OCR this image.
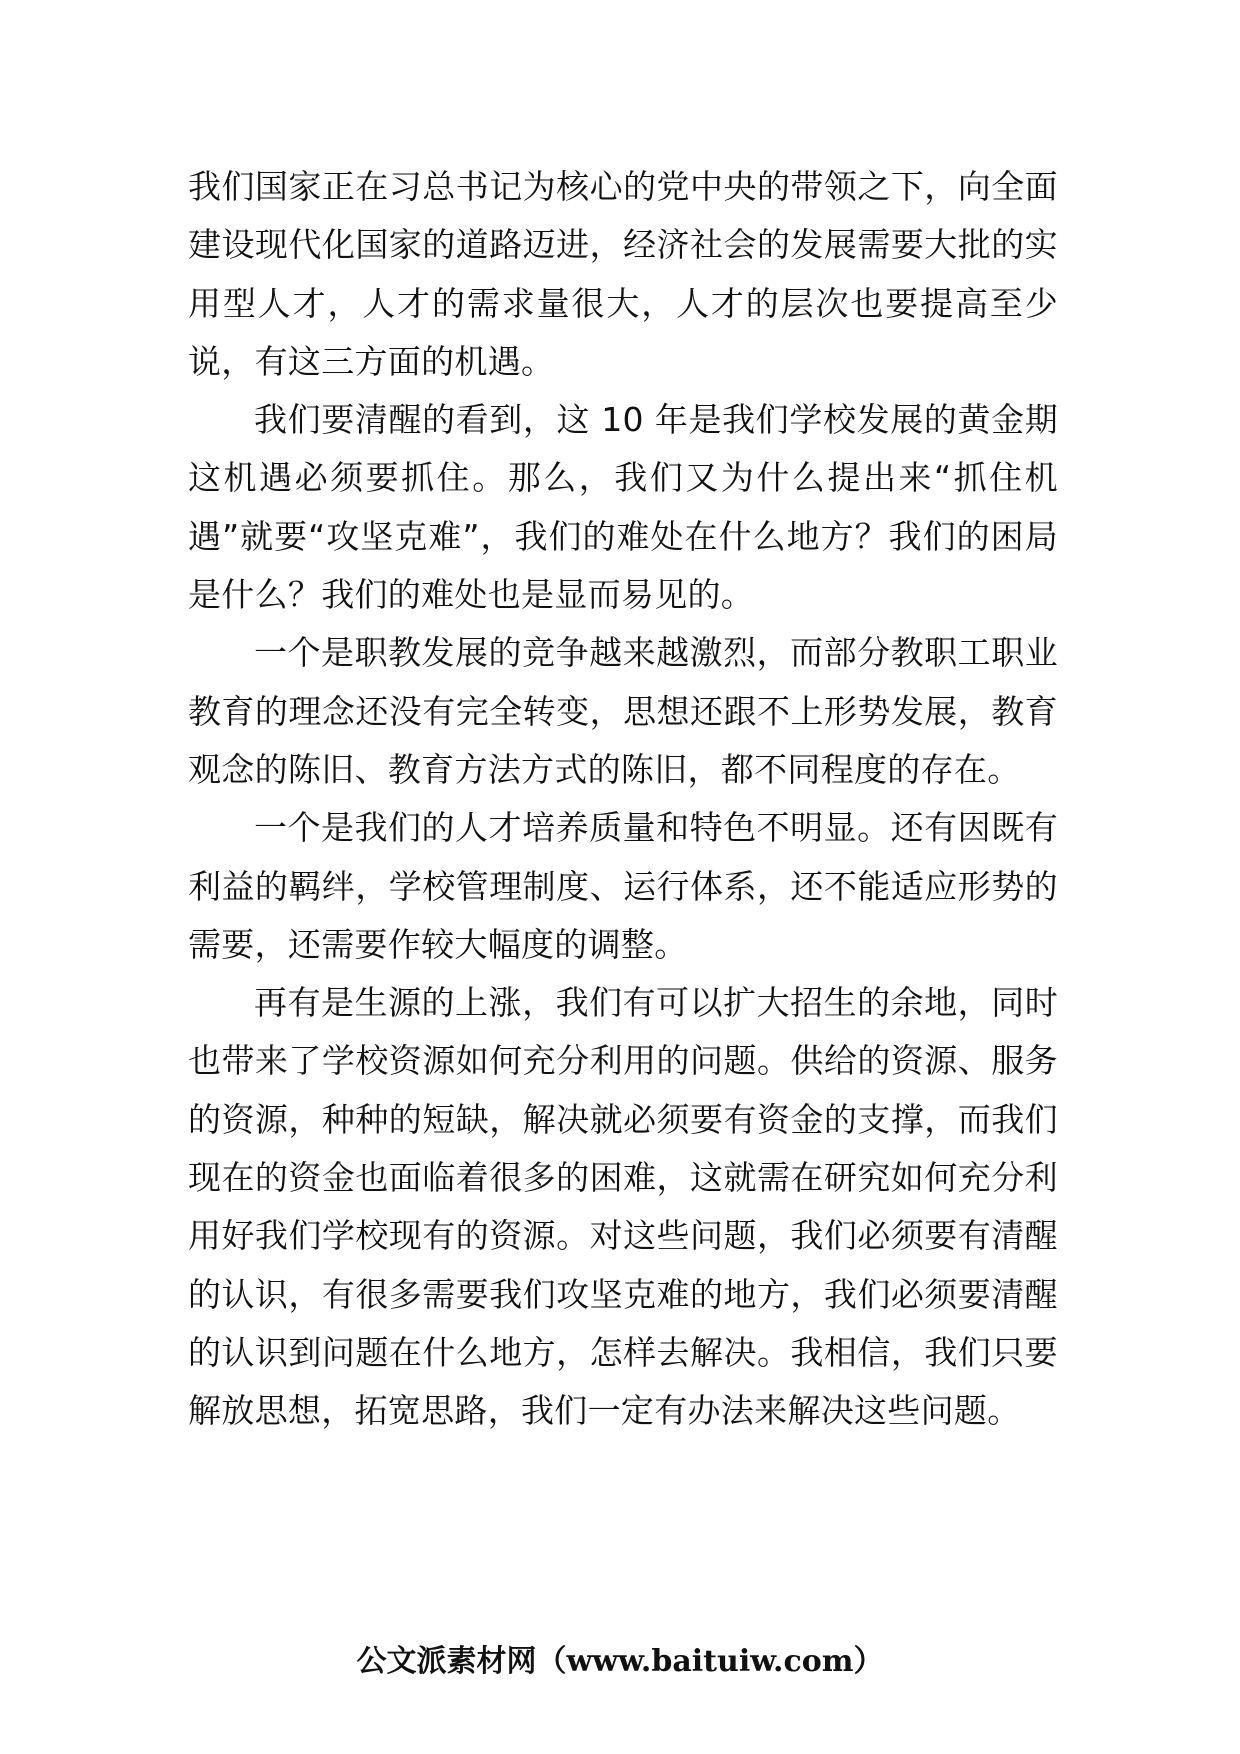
我们国家正在习总书记为核心的党中央的带领之下，向全面建设现代化国家的道路迈进，经济社会的发展需要大批的实用型人才，人才的需求量很大，人才的层次也要提高至少说，有这三方面的机遇。

我们要清醒的看到，这 10 年是我们学校发展的黄金期这机遇必须要抓住。那么，我们又为什么提出来“抓住机遇”就要“攻坚克难”，我们的难处在什么地方？我们的困局是什么？我们的难处也是显而易见的。

一个是职教发展的竞争越来越激烈，而部分教职工职业教育的理念还没有完全转变，思想还跟不上形势发展，教育观念的陈旧、教育方法方式的陈旧，都不同程度的存在。

一个是我们的人才培养质量和特色不明显。还有因既有利益的羁绊，学校管理制度、运行体系，还不能适应形势的需要，还需要作较大幅度的调整。

再有是生源的上涨，我们有可以扩大招生的余地，同时也带来了学校资源如何充分利用的问题。供给的资源、服务的资源，种种的短缺，解决就必须要有资金的支撑，而我们现在的资金也面临着很多的困难，这就需在研究如何充分利用好我们学校现有的资源。对这些问题，我们必须要有清醒的认识，有很多需要我们攻坚克难的地方，我们必须要清醒的认识到问题在什么地方，怎样去解决。我相信，我们只要解放思想，拓宽思路，我们一定有办法来解决这些问题。

公文派素材网（www.baituiw.com）
